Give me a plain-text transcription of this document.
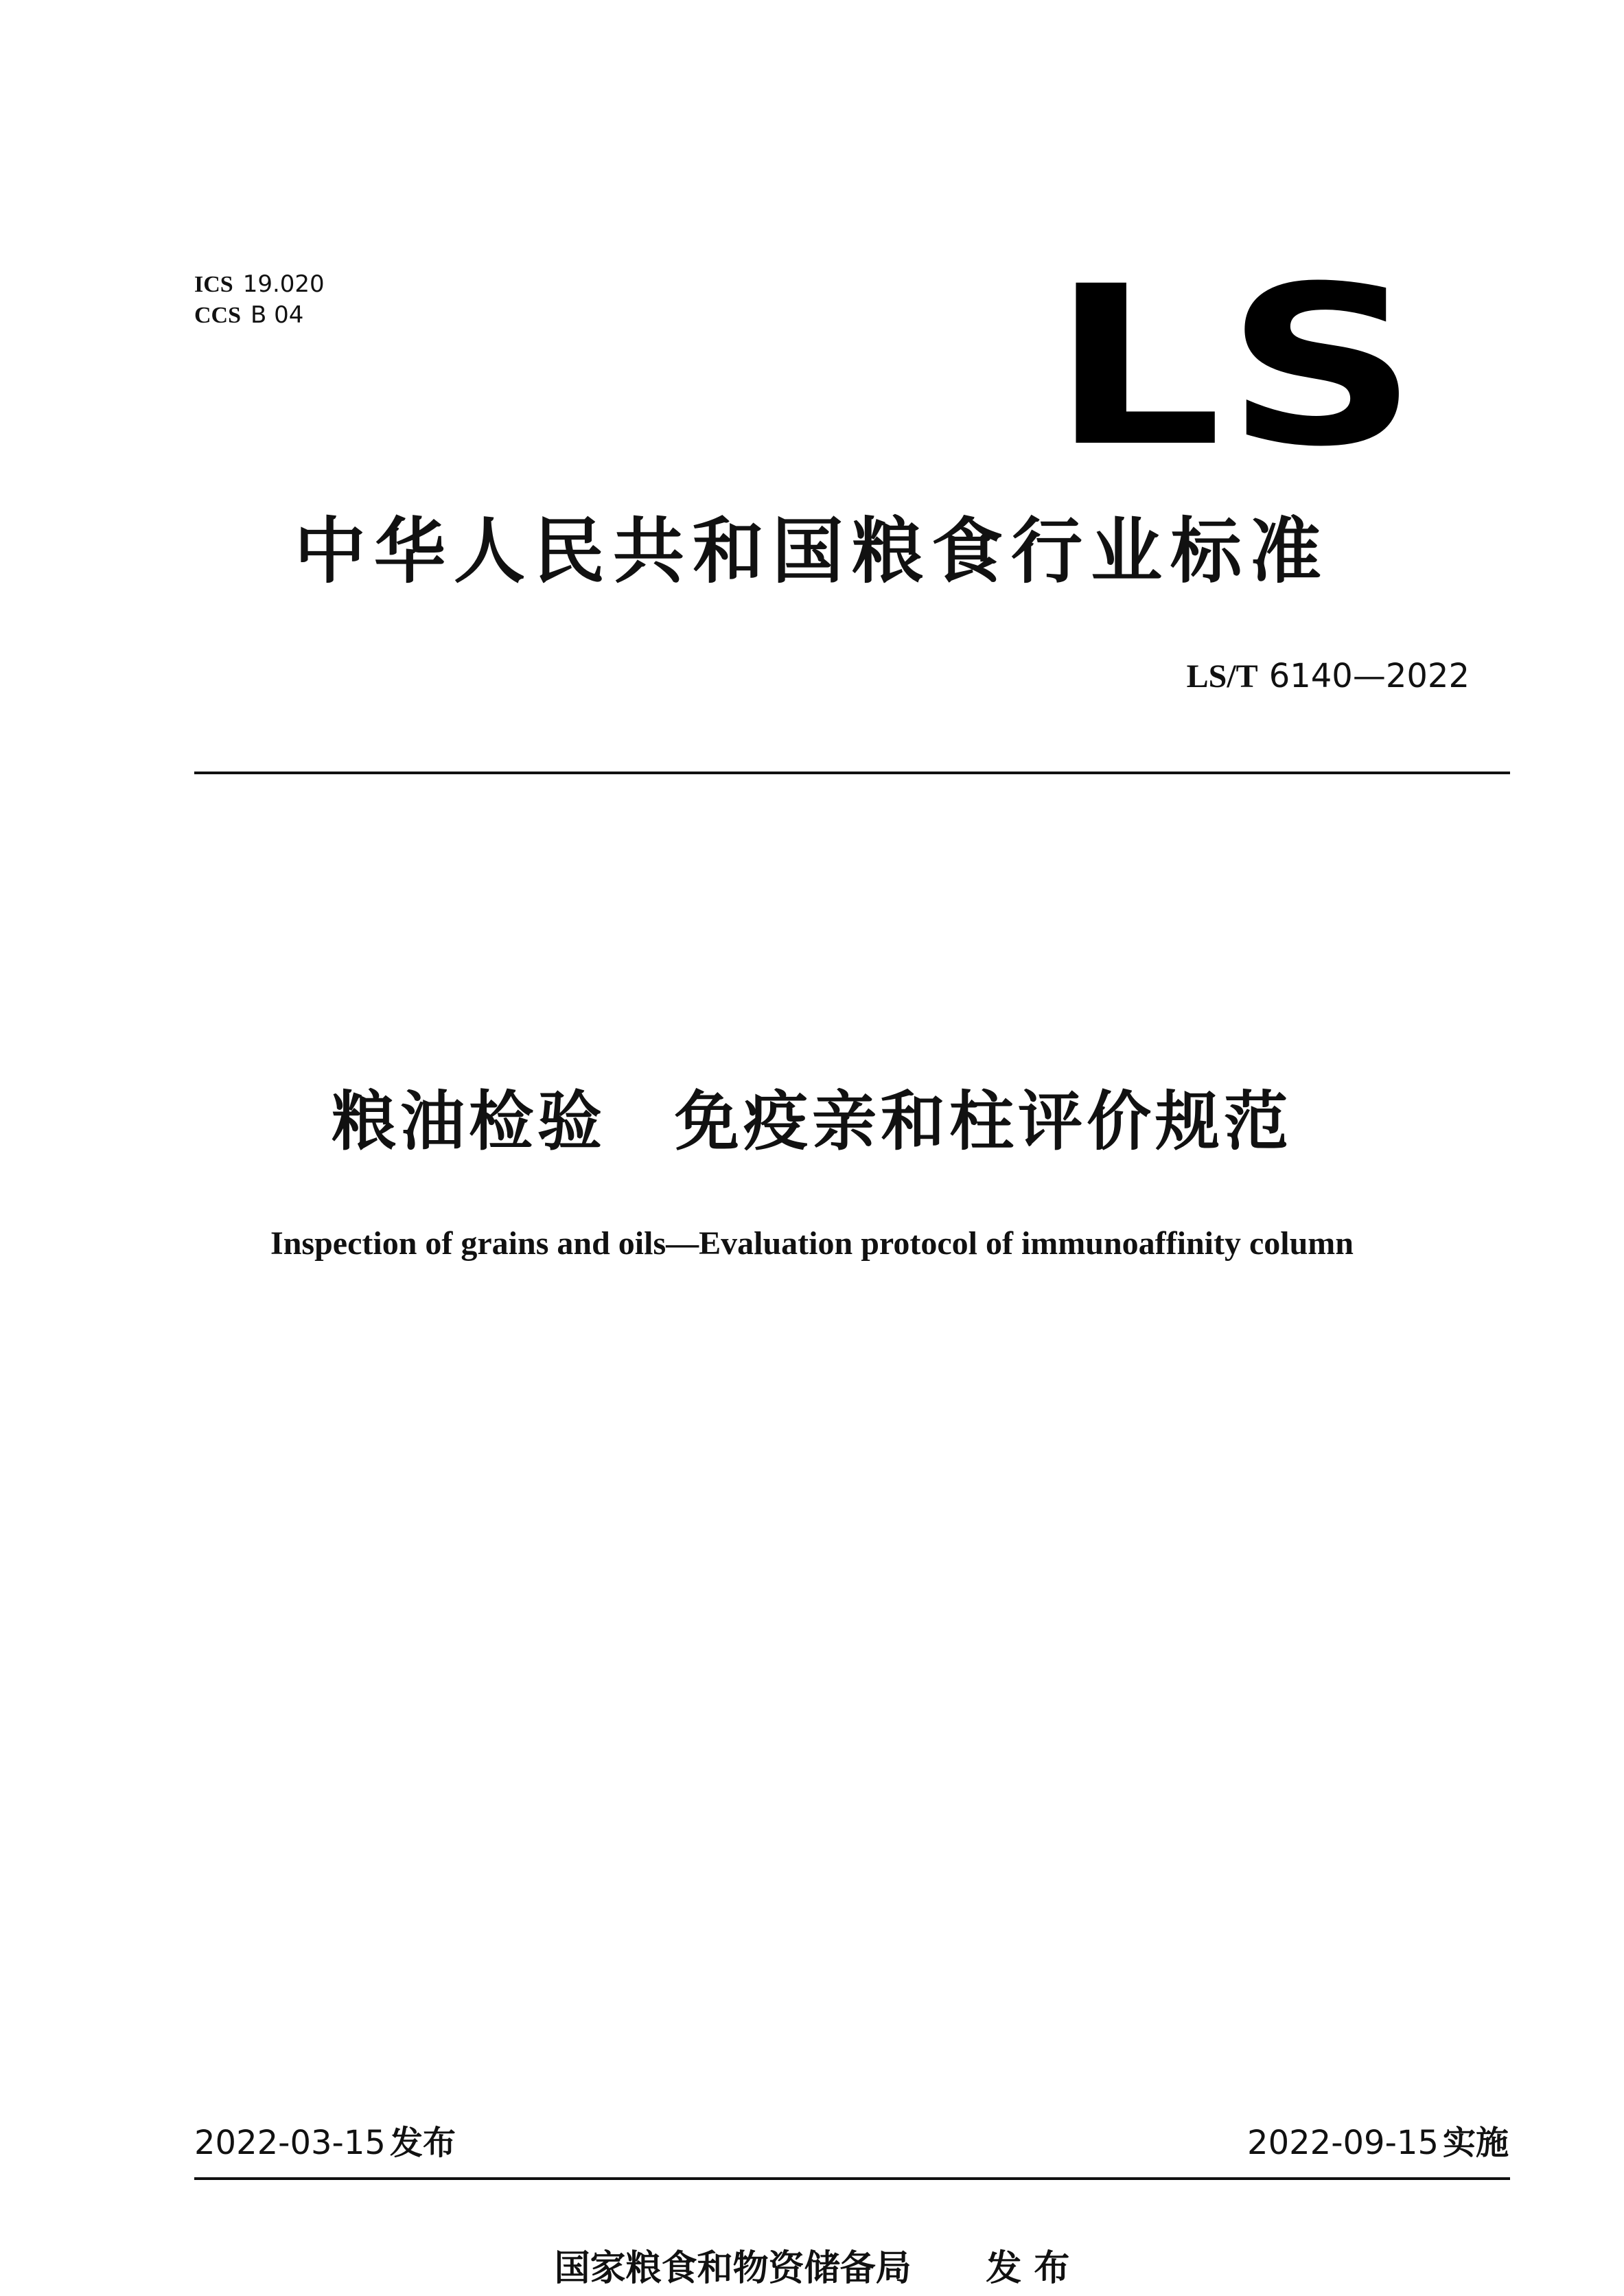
ICS 19.020
CCS B 04	LS
中华人民共和国粮食行业标准
LS/T 6140—2022
粮油检验　免疫亲和柱评价规范
Inspection of grains and oils—Evaluation protocol of immunoaffinity column
2022-03-15 发布	2022-09-15 实施
国家粮食和物资储备局 发 布
